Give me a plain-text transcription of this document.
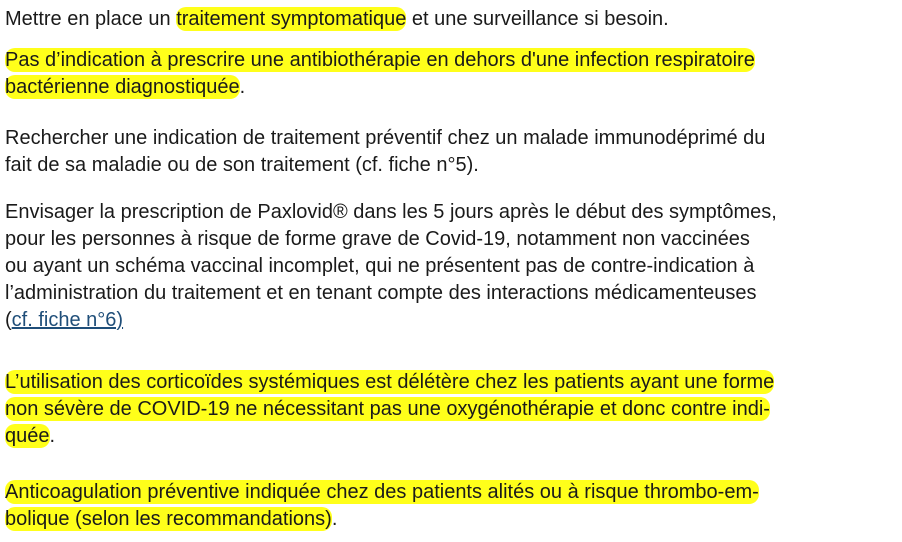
Mettre en place un traitement symptomatique et une surveillance si besoin.

Pas d’indication à prescrire une antibiothérapie en dehors d'une infection respiratoire
bactérienne diagnostiquée.

Rechercher une indication de traitement préventif chez un malade immunodéprimé du
fait de sa maladie ou de son traitement (cf. fiche n°5).

Envisager la prescription de Paxlovid® dans les 5 jours après le début des symptômes,
pour les personnes à risque de forme grave de Covid-19, notamment non vaccinées
ou ayant un schéma vaccinal incomplet, qui ne présentent pas de contre-indication à
l’administration du traitement et en tenant compte des interactions médicamenteuses
(cf. fiche n°6)

L’utilisation des corticoïdes systémiques est délétère chez les patients ayant une forme
non sévère de COVID-19 ne nécessitant pas une oxygénothérapie et donc contre indi-
quée.

Anticoagulation préventive indiquée chez des patients alités ou à risque thrombo-em-
bolique (selon les recommandations).
